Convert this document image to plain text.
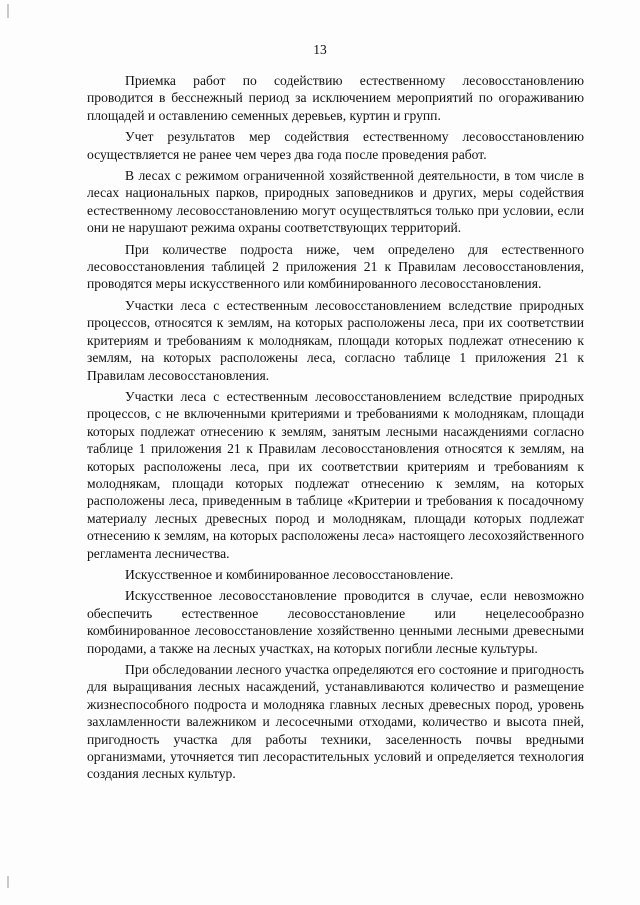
13

Приемка работ по содействию естественному лесовосстановлению проводится в бесснежный период за исключением мероприятий по огораживанию площадей и оставлению семенных деревьев, куртин и групп.

Учет результатов мер содействия естественному лесовосстановлению осуществляется не ранее чем через два года после проведения работ.

В лесах с режимом ограниченной хозяйственной деятельности, в том числе в лесах национальных парков, природных заповедников и других, меры содействия естественному лесовосстановлению могут осуществляться только при условии, если они не нарушают режима охраны соответствующих территорий.

При количестве подроста ниже, чем определено для естественного лесовосстановления таблицей 2 приложения 21 к Правилам лесовосстановления, проводятся меры искусственного или комбинированного лесовосстановления.

Участки леса с естественным лесовосстановлением вследствие природных процессов, относятся к землям, на которых расположены леса, при их соответствии критериям и требованиям к молоднякам, площади которых подлежат отнесению к землям, на которых расположены леса, согласно таблице 1 приложения 21 к Правилам лесовосстановления.

Участки леса с естественным лесовосстановлением вследствие природных процессов, с не включенными критериями и требованиями к молоднякам, площади которых подлежат отнесению к землям, занятым лесными насаждениями согласно таблице 1 приложения 21 к Правилам лесовосстановления относятся к землям, на которых расположены леса, при их соответствии критериям и требованиям к молоднякам, площади которых подлежат отнесению к землям, на которых расположены леса, приведенным в таблице «Критерии и требования к посадочному материалу лесных древесных пород и молоднякам, площади которых подлежат отнесению к землям, на которых расположены леса» настоящего лесохозяйственного регламента лесничества.

Искусственное и комбинированное лесовосстановление.

Искусственное лесовосстановление проводится в случае, если невозможно обеспечить естественное лесовосстановление или нецелесообразно комбинированное лесовосстановление хозяйственно ценными лесными древесными породами, а также на лесных участках, на которых погибли лесные культуры.

При обследовании лесного участка определяются его состояние и пригодность для выращивания лесных насаждений, устанавливаются количество и размещение жизнеспособного подроста и молодняка главных лесных древесных пород, уровень захламленности валежником и лесосечными отходами, количество и высота пней, пригодность участка для работы техники, заселенность почвы вредными организмами, уточняется тип лесорастительных условий и определяется технология создания лесных культур.
